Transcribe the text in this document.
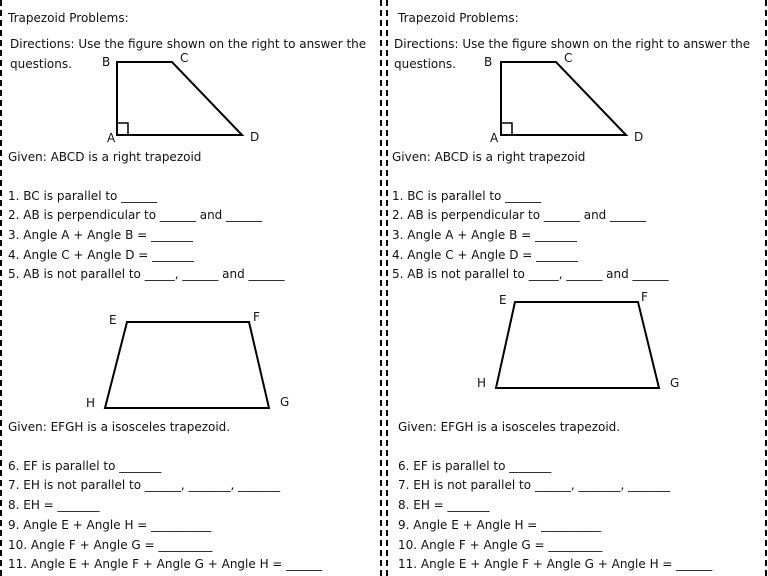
Trapezoid Problems:
Directions: Use the figure shown on the right to answer the
questions.	B	C
A	D
Given: ABCD is a right trapezoid
1. BC is parallel to ______
2. AB is perpendicular to ______ and ______
3. Angle A + Angle B = _______
4. Angle C + Angle D = _______
5. AB is not parallel to _____, ______ and ______
E	F
H	G
Given: EFGH is a isosceles trapezoid.
6. EF is parallel to _______
7. EH is not parallel to ______, _______, _______
8. EH = _______
9. Angle E + Angle H = __________
10. Angle F + Angle G = _________
11. Angle E + Angle F + Angle G + Angle H = ______
Trapezoid Problems:
Directions: Use the figure shown on the right to answer the
questions. B	C
A	D
Given: ABCD is a right trapezoid
1. BC is parallel to ______
2. AB is perpendicular to ______ and ______
3. Angle A + Angle B = _______
4. Angle C + Angle D = _______
5. AB is not parallel to _____, ______ and ______
E	F
H	G
Given: EFGH is a isosceles trapezoid.
6. EF is parallel to _______
7. EH is not parallel to ______, _______, _______
8. EH = _______
9. Angle E + Angle H = __________
10. Angle F + Angle G = _________
11. Angle E + Angle F + Angle G + Angle H = ______
